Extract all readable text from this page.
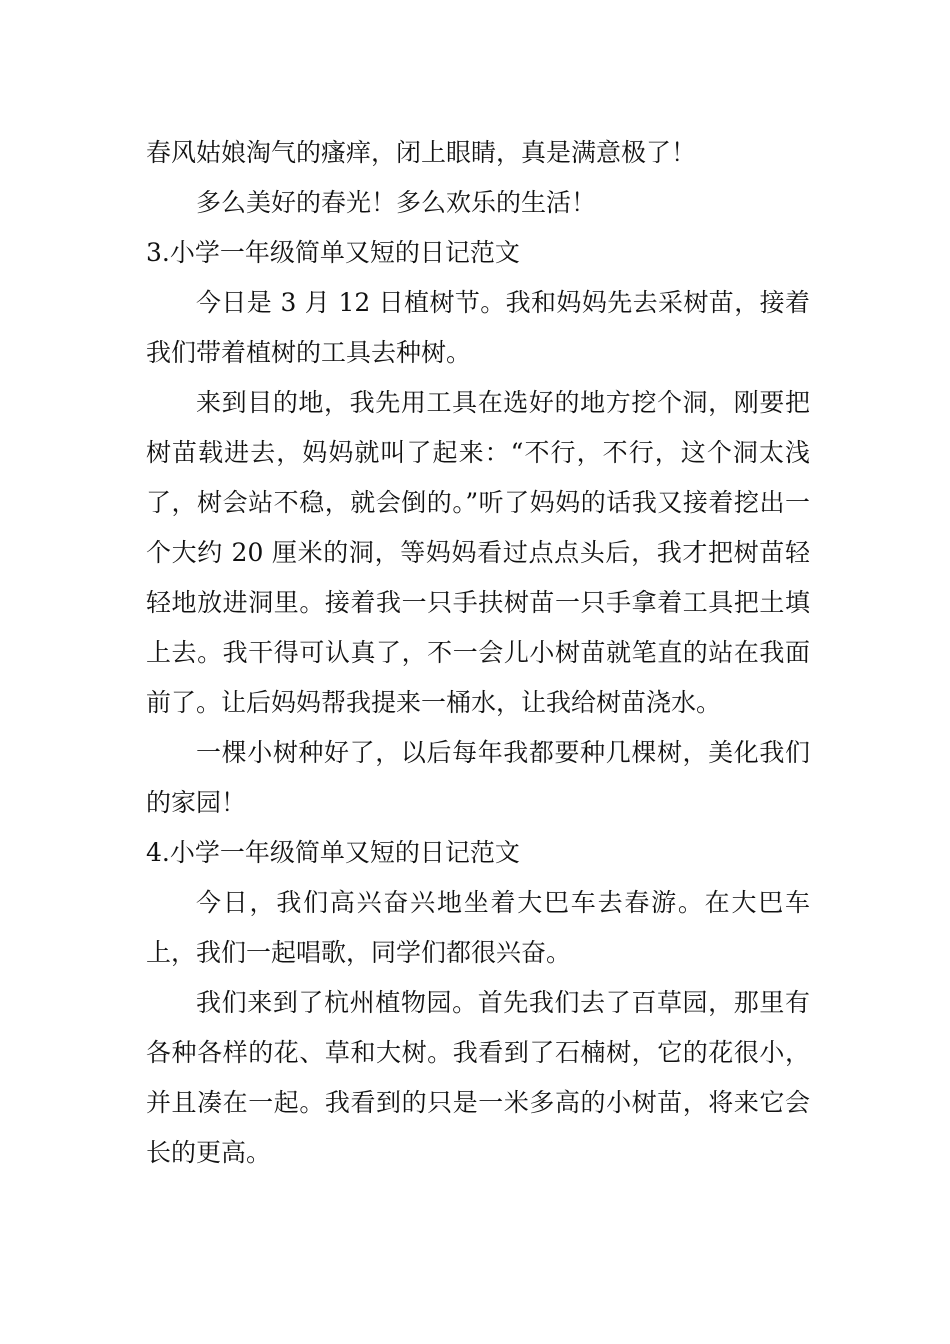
春风姑娘淘气的瘙痒，闭上眼睛，真是满意极了！

多么美好的春光！多么欢乐的生活！

3.小学一年级简单又短的日记范文

今日是 3 月 12 日植树节。我和妈妈先去采树苗，接着我们带着植树的工具去种树。

来到目的地，我先用工具在选好的地方挖个洞，刚要把树苗载进去，妈妈就叫了起来：“不行，不行，这个洞太浅了，树会站不稳，就会倒的。”听了妈妈的话我又接着挖出一个大约 20 厘米的洞，等妈妈看过点点头后，我才把树苗轻轻地放进洞里。接着我一只手扶树苗一只手拿着工具把土填上去。我干得可认真了，不一会儿小树苗就笔直的站在我面前了。让后妈妈帮我提来一桶水，让我给树苗浇水。

一棵小树种好了，以后每年我都要种几棵树，美化我们的家园！

4.小学一年级简单又短的日记范文

今日，我们高兴奋兴地坐着大巴车去春游。在大巴车上，我们一起唱歌，同学们都很兴奋。

我们来到了杭州植物园。首先我们去了百草园，那里有各种各样的花、草和大树。我看到了石楠树，它的花很小，并且凑在一起。我看到的只是一米多高的小树苗，将来它会长的更高。
